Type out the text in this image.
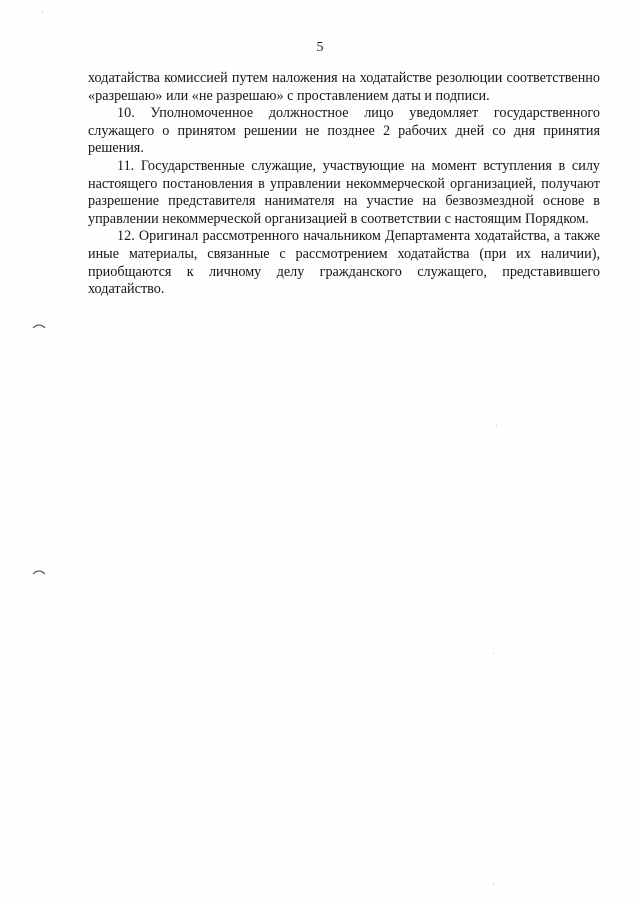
5

ходатайства комиссией путем наложения на ходатайстве резолюции соответственно «разрешаю» или «не разрешаю» с проставлением даты и подписи.

10. Уполномоченное должностное лицо уведомляет государственного служащего о принятом решении не позднее 2 рабочих дней со дня принятия решения.

11. Государственные служащие, участвующие на момент вступления в силу настоящего постановления в управлении некоммерческой организацией, получают разрешение представителя нанимателя на участие на безвозмездной основе в управлении некоммерческой организацией в соответствии с настоящим Порядком.

12. Оригинал рассмотренного начальником Департамента ходатайства, а также иные материалы, связанные с рассмотрением ходатайства (при их наличии), приобщаются к личному делу гражданского служащего, представившего ходатайство.
